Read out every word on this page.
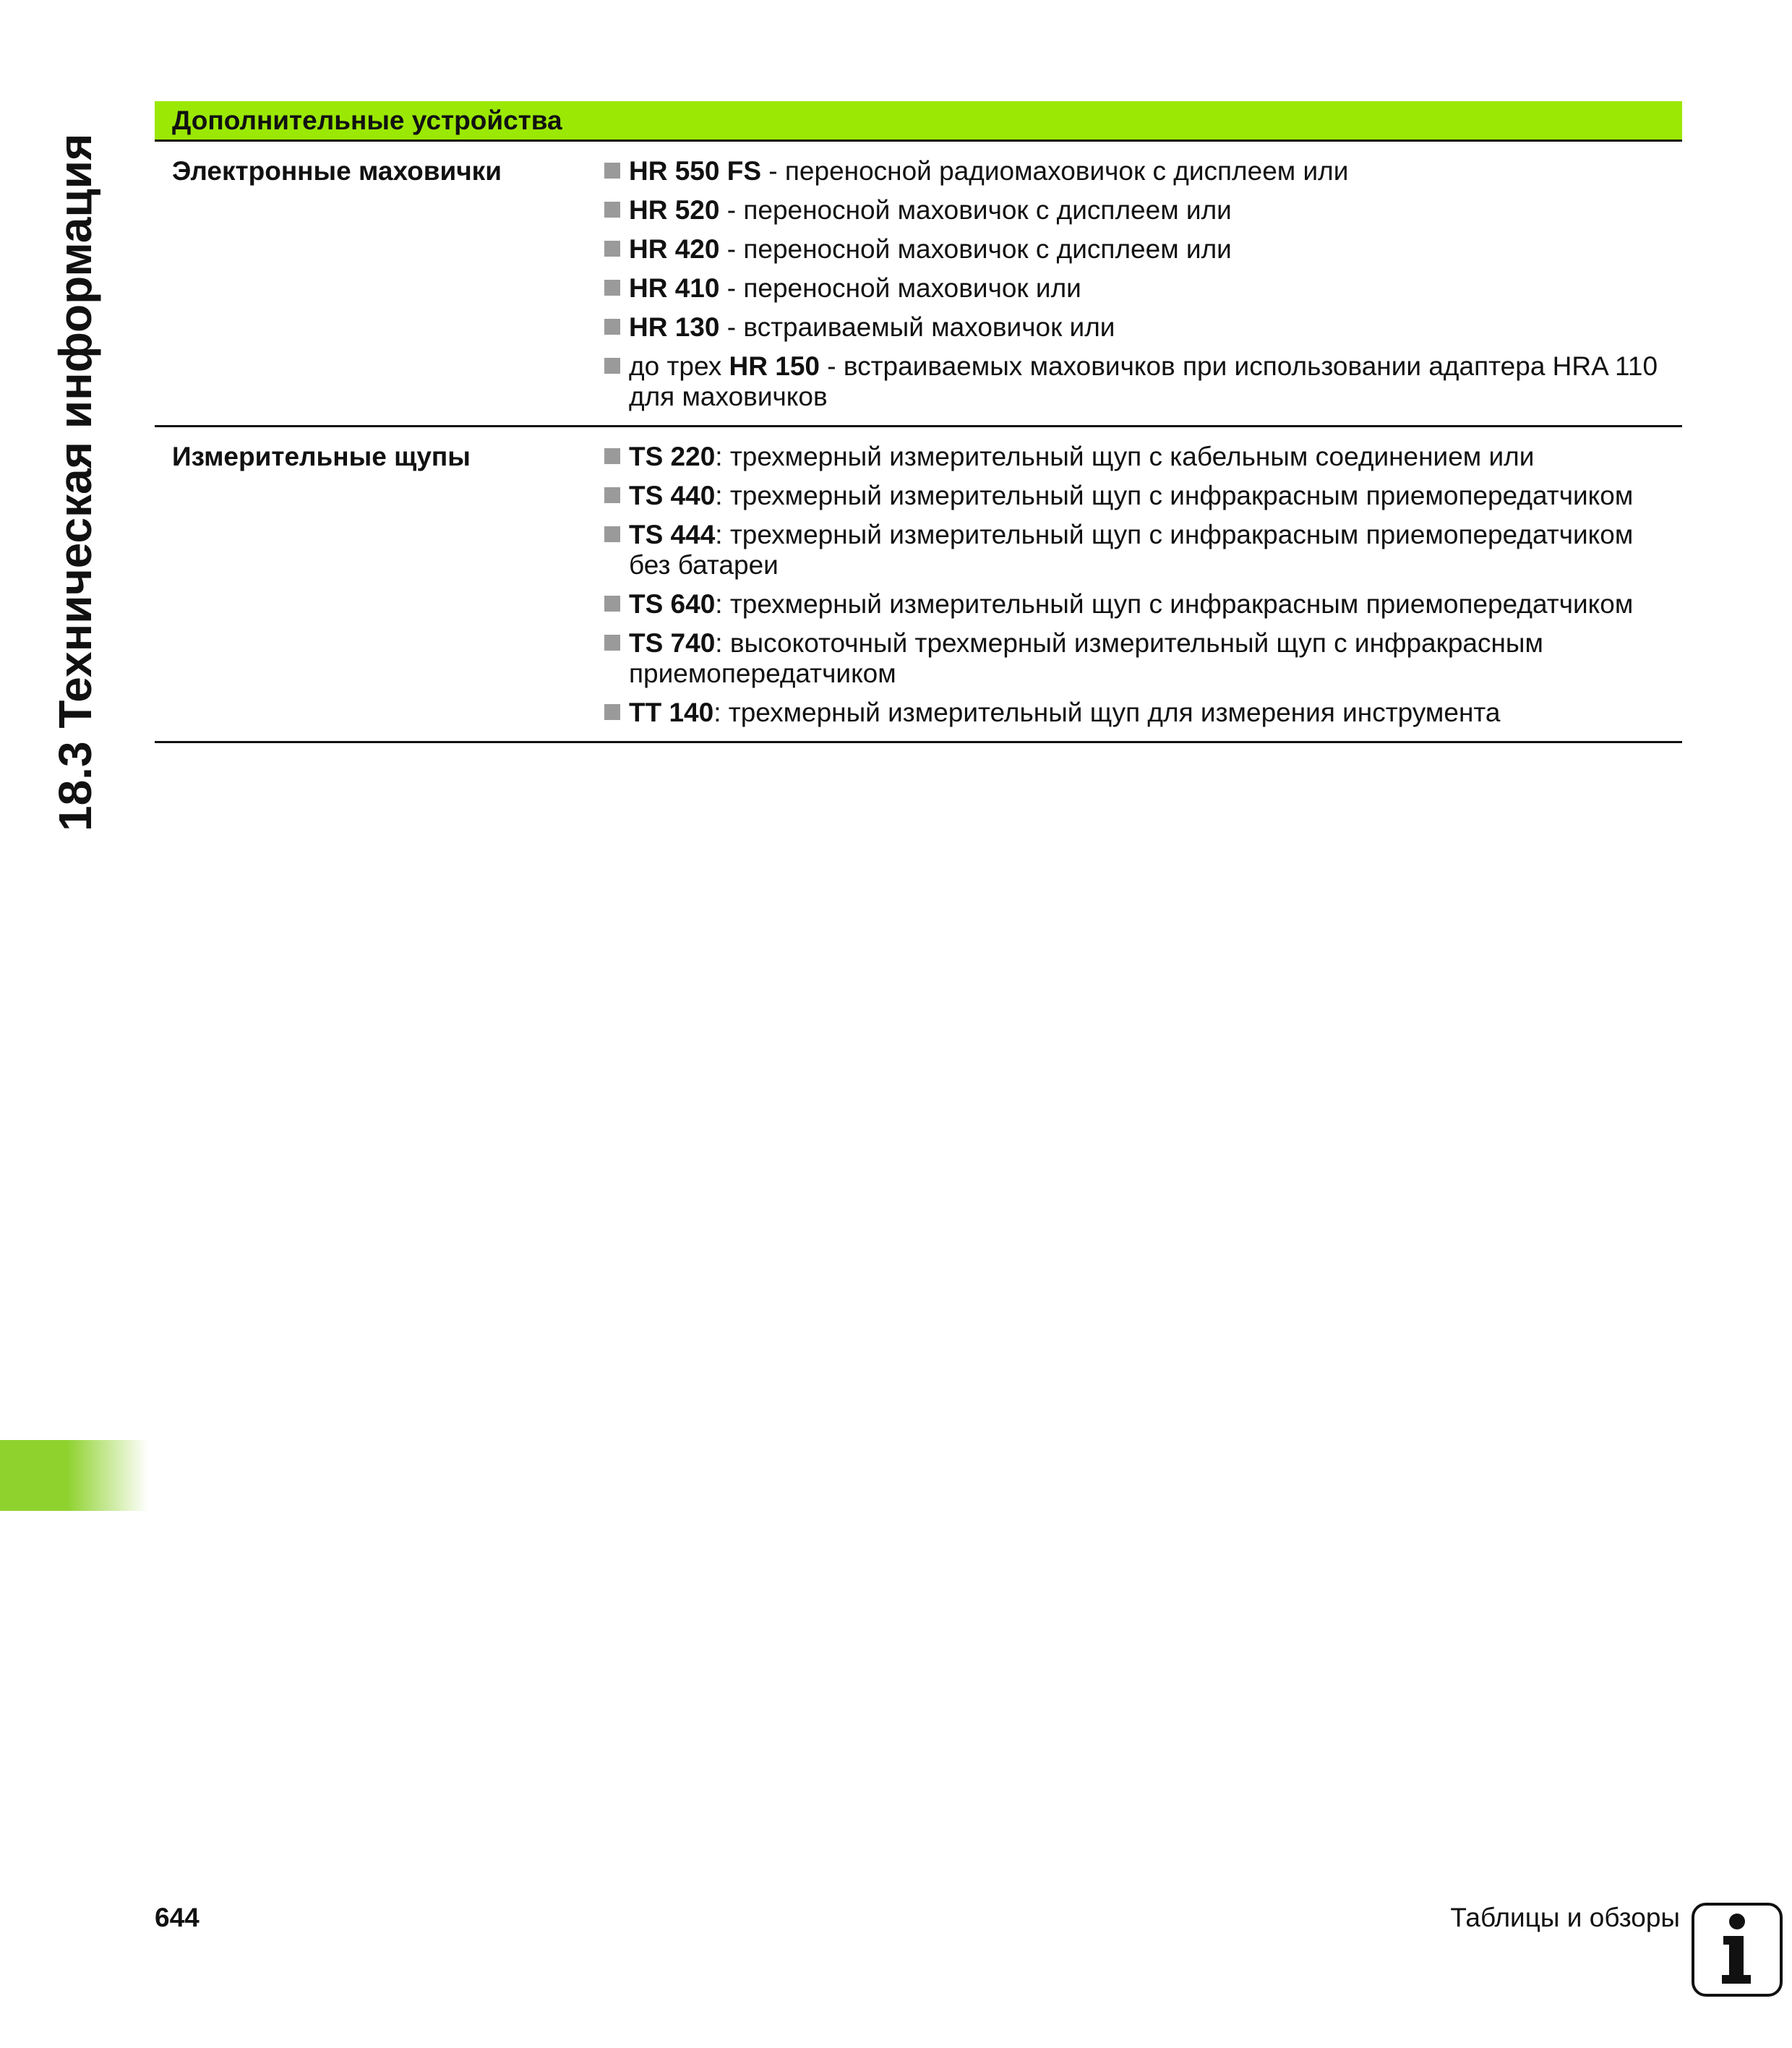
18.3 Техническая информация
Дополнительные устройства
Электронные маховички	HR 550 FS - переносной радиомаховичок с дисплеем или
HR 520 - переносной маховичок с дисплеем или
HR 420 - переносной маховичок с дисплеем или
HR 410 - переносной маховичок или
HR 130 - встраиваемый маховичок или
до трех HR 150 - встраиваемых маховичков при использовании адаптера HRA 110 для маховичков
Измерительные щупы	TS 220: трехмерный измерительный щуп с кабельным соединением или
TS 440: трехмерный измерительный щуп с инфракрасным приемопередатчиком
TS 444: трехмерный измерительный щуп с инфракрасным приемопередатчиком без батареи
TS 640: трехмерный измерительный щуп с инфракрасным приемопередатчиком
TS 740: высокоточный трехмерный измерительный щуп с инфракрасным приемопередатчиком
TT 140: трехмерный измерительный щуп для измерения инструмента
644	Таблицы и обзоры
